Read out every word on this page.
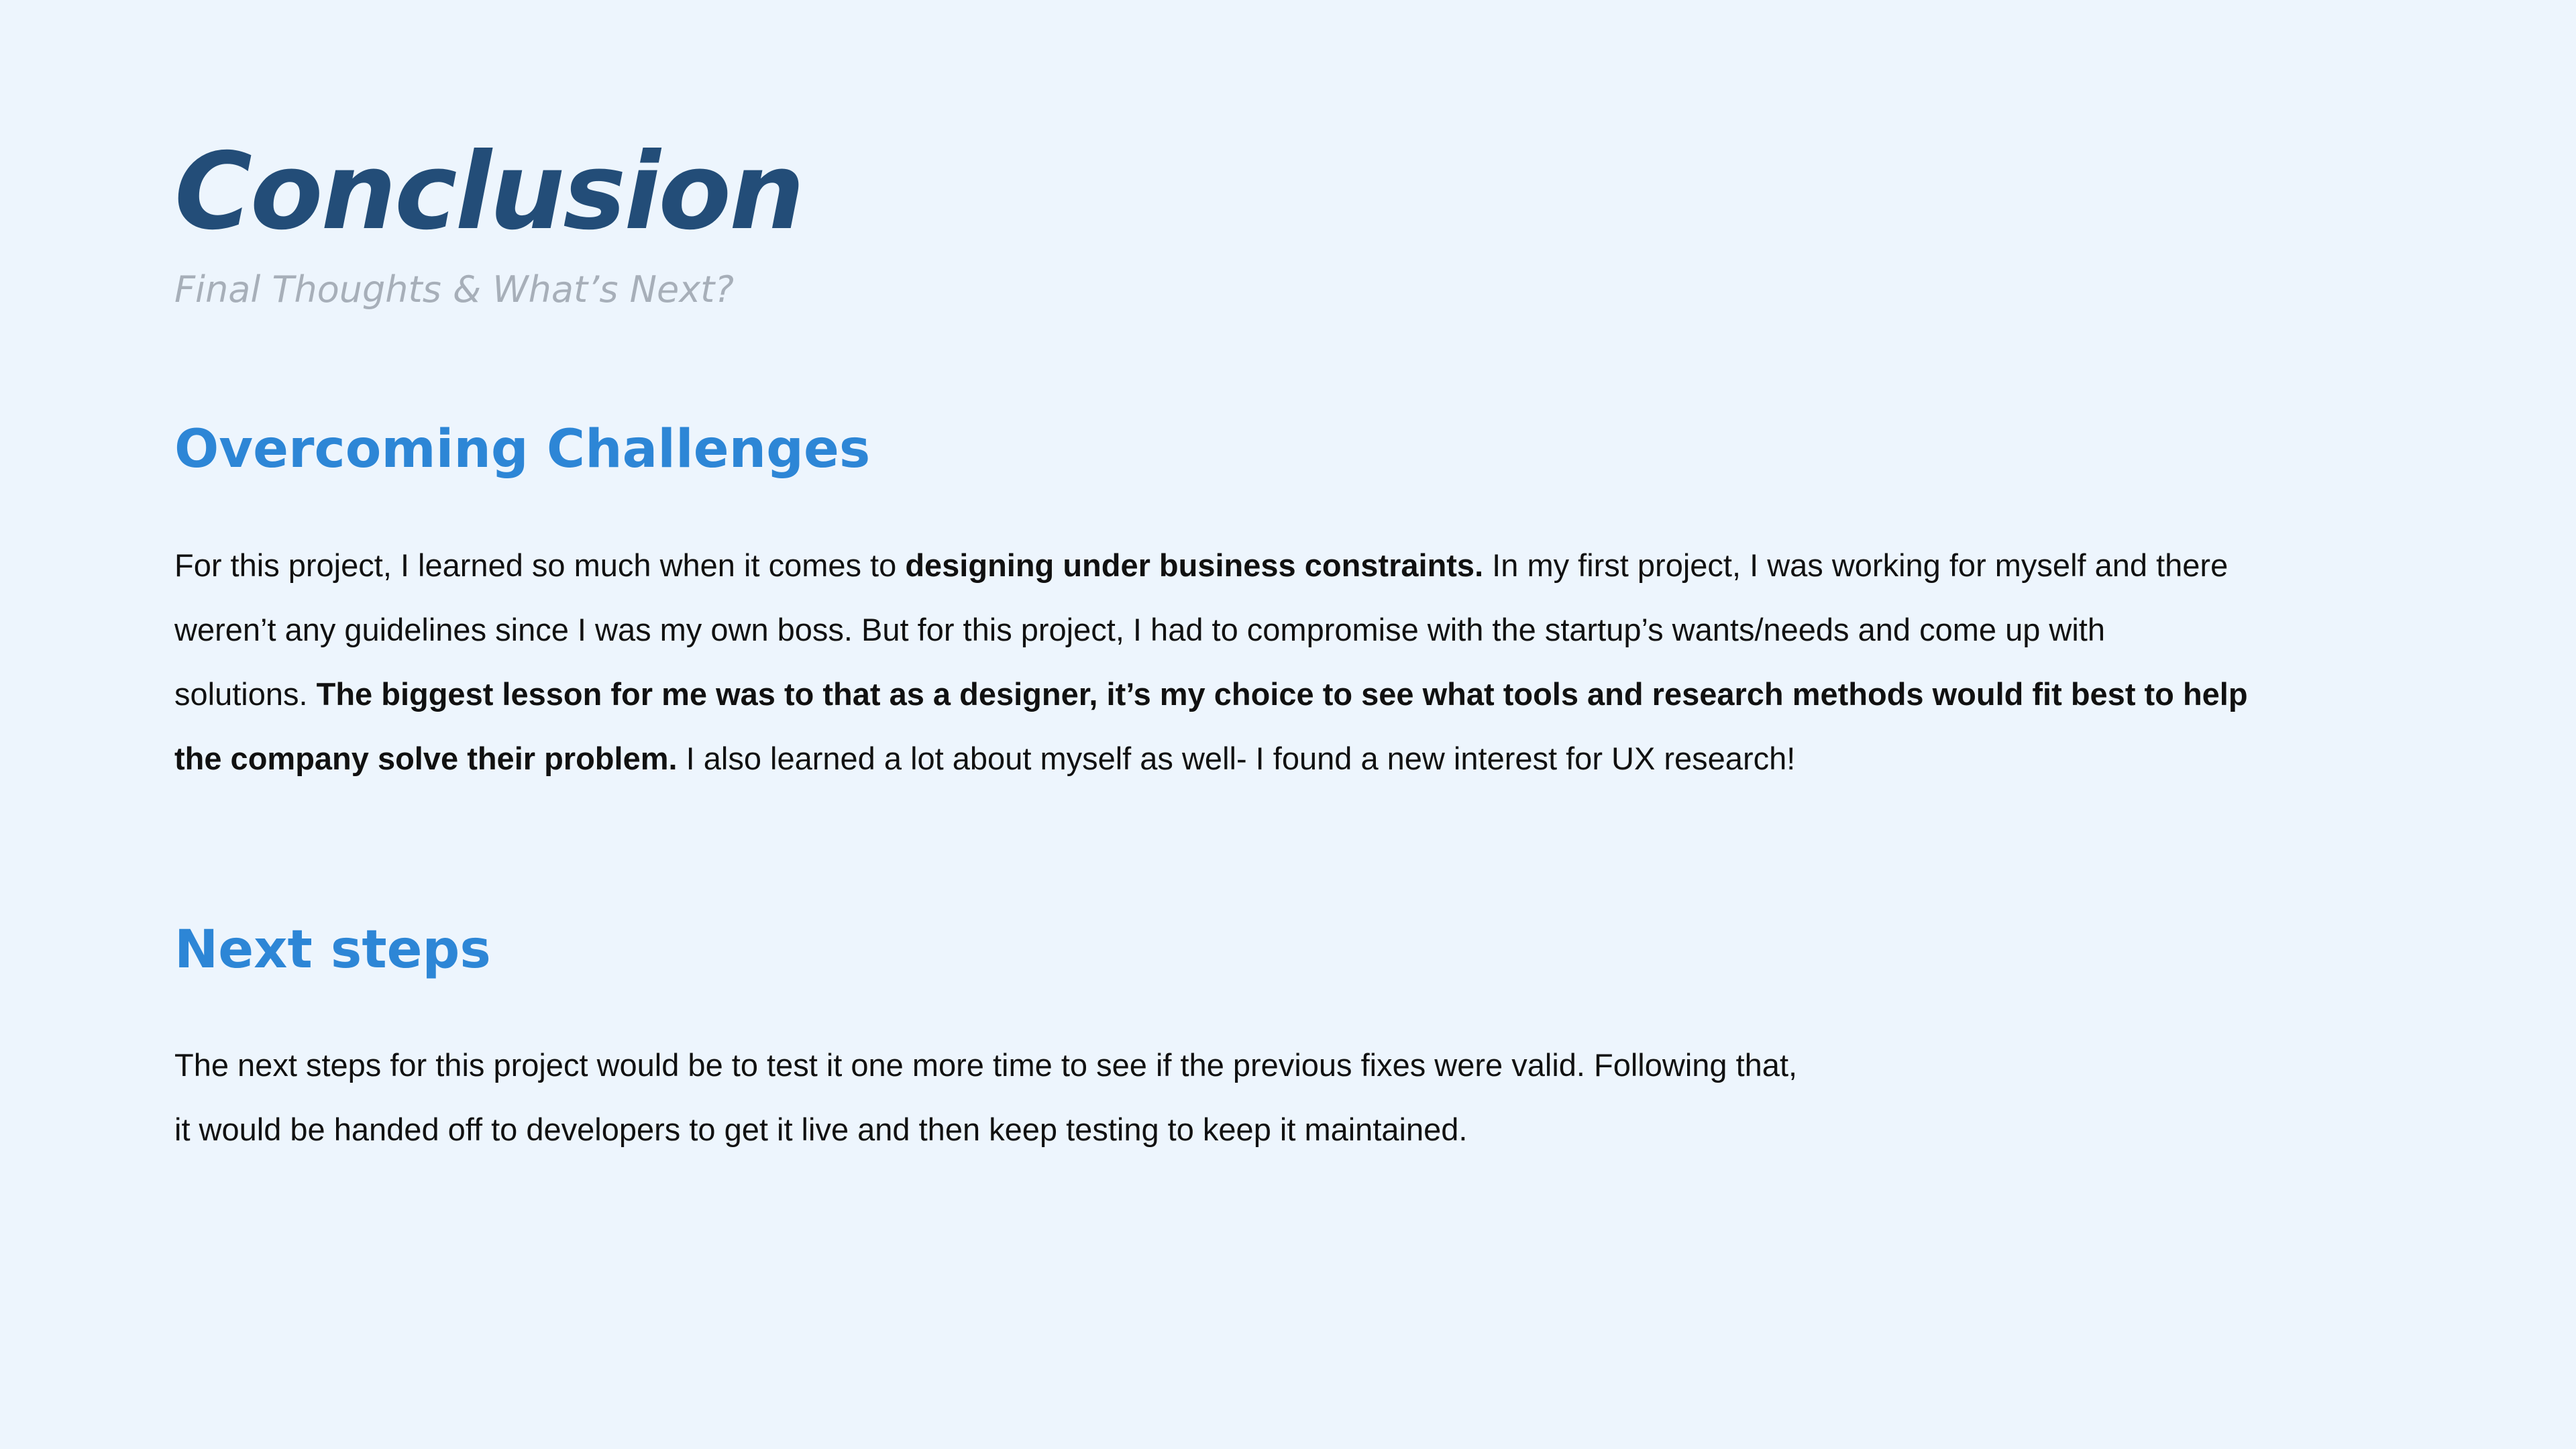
Conclusion

Final Thoughts & What’s Next?

Overcoming Challenges

For this project, I learned so much when it comes to designing under business constraints. In my first project, I was working for myself and there
weren’t any guidelines since I was my own boss. But for this project, I had to compromise with the startup’s wants/needs and come up with
solutions. The biggest lesson for me was to that as a designer, it’s my choice to see what tools and research methods would fit best to help
the company solve their problem. I also learned a lot about myself as well- I found a new interest for UX research!

Next steps

The next steps for this project would be to test it one more time to see if the previous fixes were valid. Following that,
it would be handed off to developers to get it live and then keep testing to keep it maintained.
